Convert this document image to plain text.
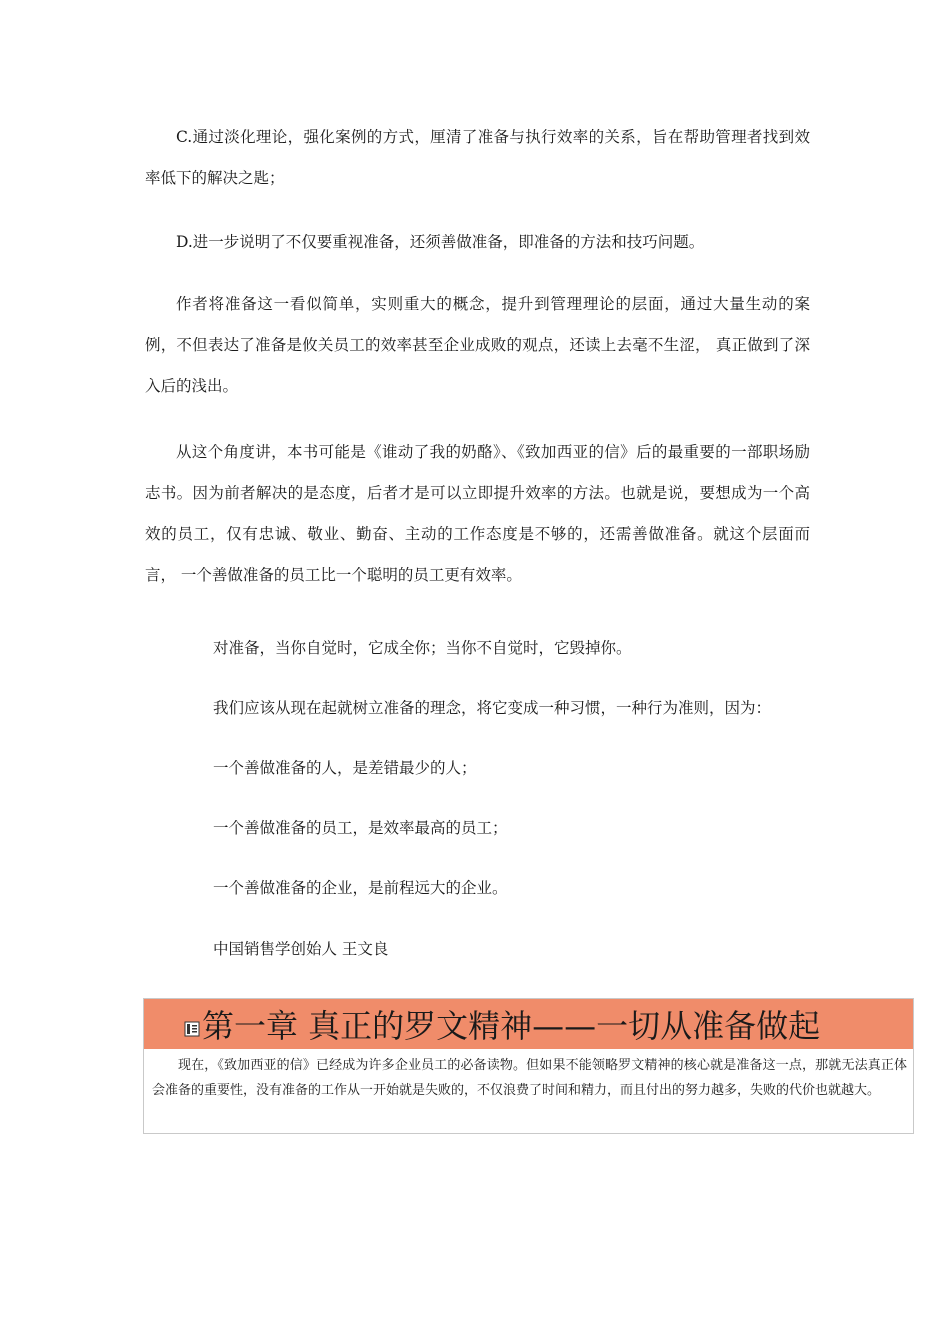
C.通过淡化理论，强化案例的方式，厘清了准备与执行效率的关系，旨在帮助管理者找到效率低下的解决之匙；

D.进一步说明了不仅要重视准备，还须善做准备，即准备的方法和技巧问题。

作者将准备这一看似简单，实则重大的概念，提升到管理理论的层面，通过大量生动的案例，不但表达了准备是攸关员工的效率甚至企业成败的观点，还读上去毫不生涩， 真正做到了深入后的浅出。

从这个角度讲，本书可能是《谁动了我的奶酪》、《致加西亚的信》后的最重要的一部职场励志书。因为前者解决的是态度，后者才是可以立即提升效率的方法。也就是说，要想成为一个高效的员工，仅有忠诚、敬业、勤奋、主动的工作态度是不够的，还需善做准备。就这个层面而言， 一个善做准备的员工比一个聪明的员工更有效率。

对准备，当你自觉时，它成全你；当你不自觉时，它毁掉你。

我们应该从现在起就树立准备的理念，将它变成一种习惯，一种行为准则，因为：

一个善做准备的人，是差错最少的人；

一个善做准备的员工，是效率最高的员工；

一个善做准备的企业，是前程远大的企业。

中国销售学创始人 王文良

第一章 真正的罗文精神——一切从准备做起

现在，《致加西亚的信》已经成为许多企业员工的必备读物。但如果不能领略罗文精神的核心就是准备这一点，那就无法真正体会准备的重要性，没有准备的工作从一开始就是失败的，不仅浪费了时间和精力，而且付出的努力越多，失败的代价也就越大。
